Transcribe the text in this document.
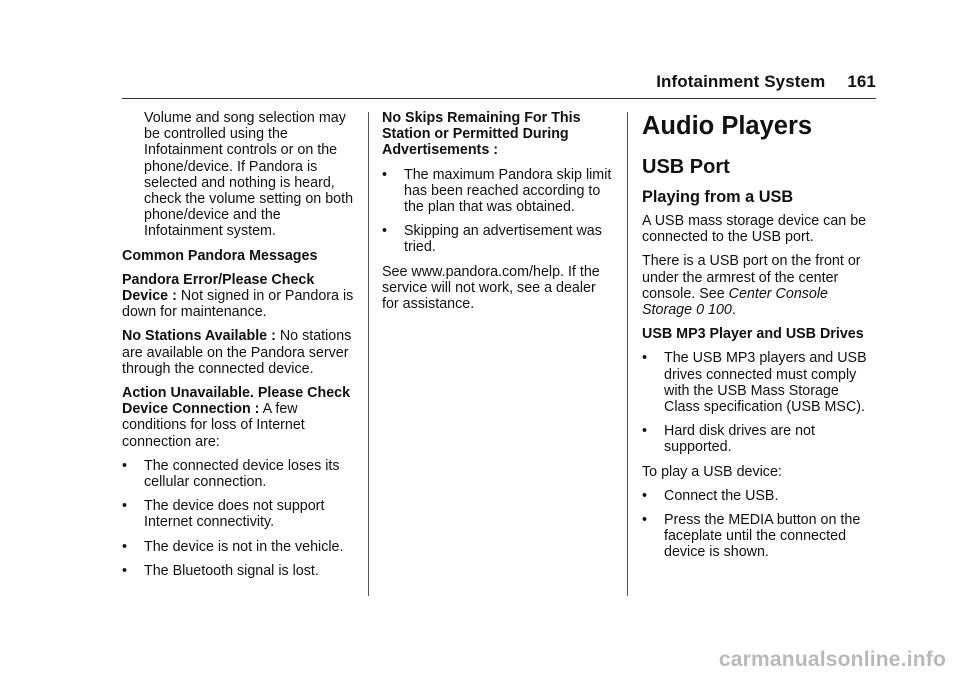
Infotainment System 161

Volume and song selection may be controlled using the Infotainment controls or on the phone/device. If Pandora is selected and nothing is heard, check the volume setting on both phone/device and the Infotainment system.

Common Pandora Messages

Pandora Error/Please Check Device : Not signed in or Pandora is down for maintenance.

No Stations Available : No stations are available on the Pandora server through the connected device.

Action Unavailable. Please Check Device Connection : A few conditions for loss of Internet connection are:

•	The connected device loses its cellular connection.
•	The device does not support Internet connectivity.
•	The device is not in the vehicle.
•	The Bluetooth signal is lost.

No Skips Remaining For This Station or Permitted During Advertisements :

•	The maximum Pandora skip limit has been reached according to the plan that was obtained.
•	Skipping an advertisement was tried.

See www.pandora.com/help. If the service will not work, see a dealer for assistance.

Audio Players
USB Port
Playing from a USB

A USB mass storage device can be connected to the USB port.

There is a USB port on the front or under the armrest of the center console. See Center Console Storage 0 100.

USB MP3 Player and USB Drives

•	The USB MP3 players and USB drives connected must comply with the USB Mass Storage Class specification (USB MSC).
•	Hard disk drives are not supported.

To play a USB device:

•	Connect the USB.
•	Press the MEDIA button on the faceplate until the connected device is shown.
carmanualsonline.info
